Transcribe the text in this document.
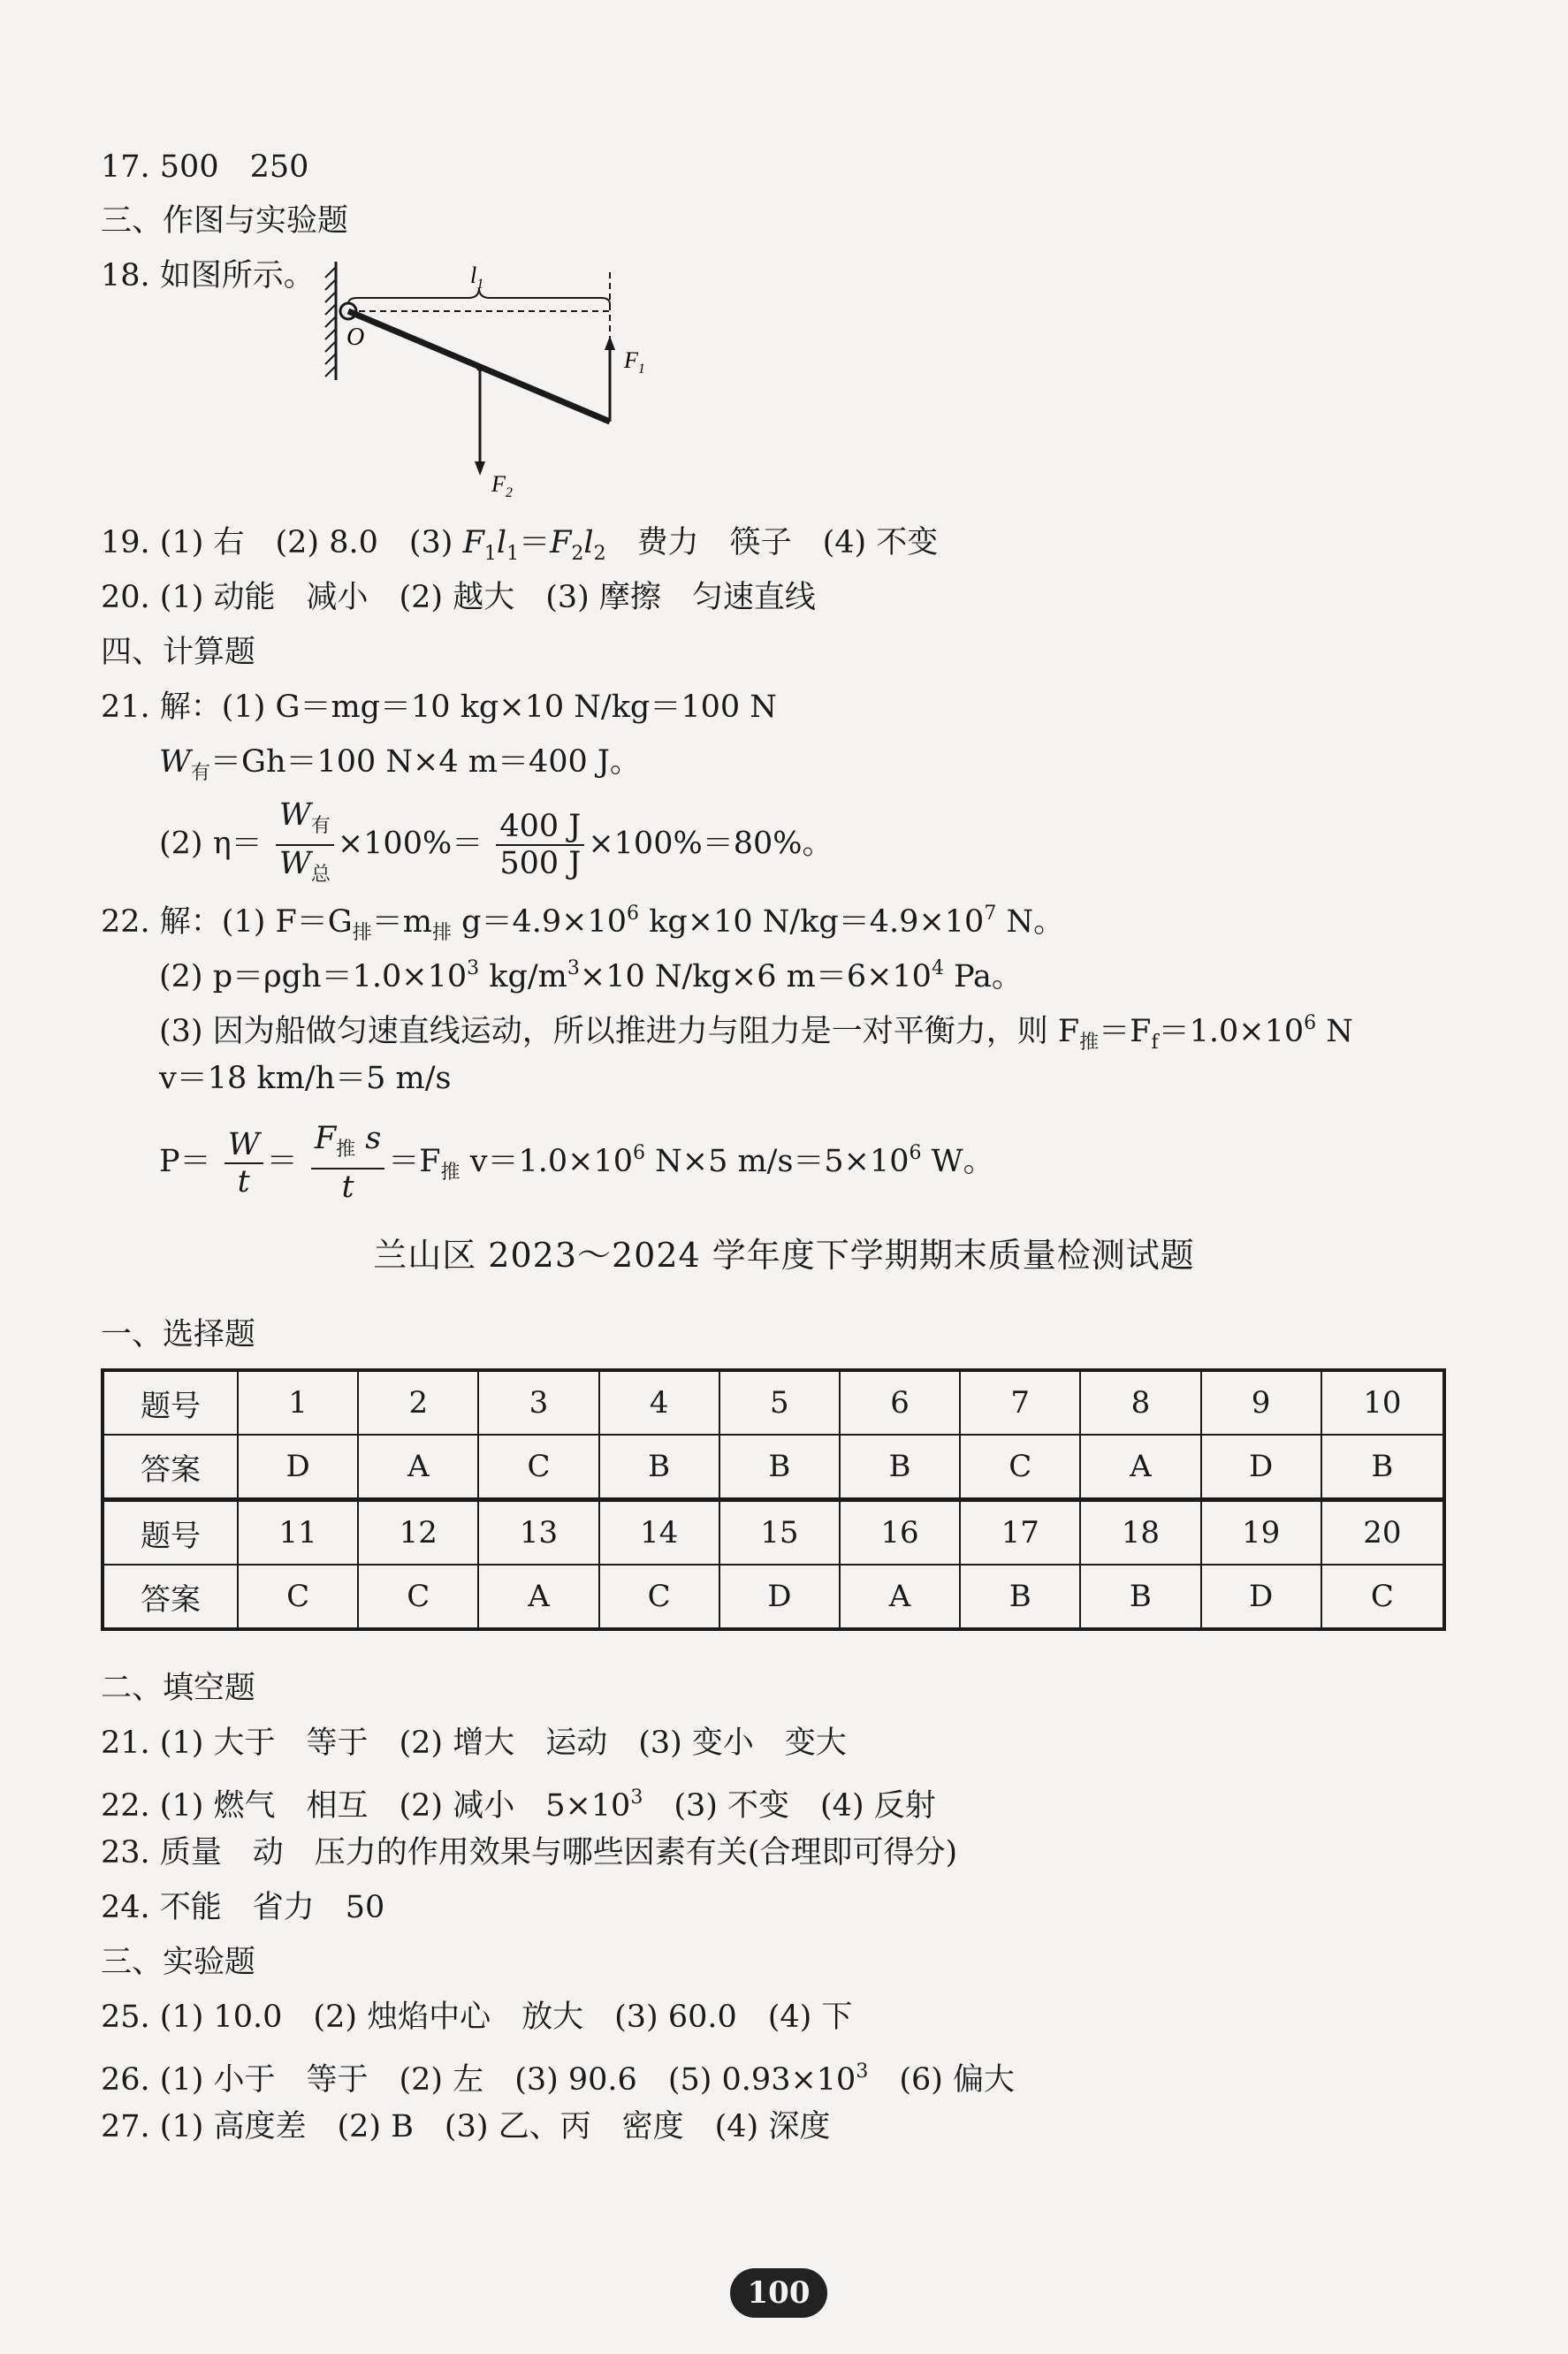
17. 500　250
三、作图与实验题
18. 如图所示。	$l_1$
O
$F_1$
$F_2$
19. (1) 右　(2) 8.0　(3) $F_1l_1=F_2l_2$　费力　筷子　(4) 不变
20. (1) 动能　减小　(2) 越大　(3) 摩擦　匀速直线
四、计算题
21. 解：(1) G＝mg＝10 kg×10 N/kg＝100 N
$W_有=Gh=100$ N×4 m＝400 J。
(2) $\eta= \frac{W_有}{W_总} \times 100\%= \frac{400 J}{500 J} \times 100\%=80\%$。
22. 解：(1) $F=G_排=m_排$ $g=4.9\times 10^6$ kg×10 $N/kg=4.9\times 10^7$ N。
(2) $p=\rho gh=1.0\times 10^3$ $kg/m^3\times 10$ N/kg×6 $m=6\times 10^4$ Pa。
(3) 因为船做匀速直线运动，所以推进力与阻力是一对平衡力，则 $F_推=F_f=1.0\times 10^6$ N
v＝18 km/h＝5 m/s
$P= \frac{W}{t} = \frac{F_推 s}{t} =F_推$ $v=1.0\times 10^6$ N×5 $m/s=5\times 10^6$ W。
兰山区 2023～2024 学年度下学期期末质量检测试题
一、选择题
题号	1	2	3	4	5	6	7	8	9	10
答案	D	A	C	B	B	B	C	A	D	B
题号	11	12	13	14	15	16	17	18	19	20
答案	C	C	A	C	D	A	B	B	D	C
二、填空题
21. (1) 大于　等于　(2) 增大　运动　(3) 变小　变大
22. (1) 燃气　相互　(2) 减小　$5\times 10^3$　(3) 不变　(4) 反射
23. 质量　动　压力的作用效果与哪些因素有关(合理即可得分)
24. 不能　省力　50
三、实验题
25. (1) 10.0　(2) 烛焰中心　放大　(3) 60.0　(4) 下
26. (1) 小于　等于　(2) 左　(3) 90.6　(5) $0.93\times 10^3$　(6) 偏大
27. (1) 高度差　(2) B　(3) 乙、丙　密度　(4) 深度
100
